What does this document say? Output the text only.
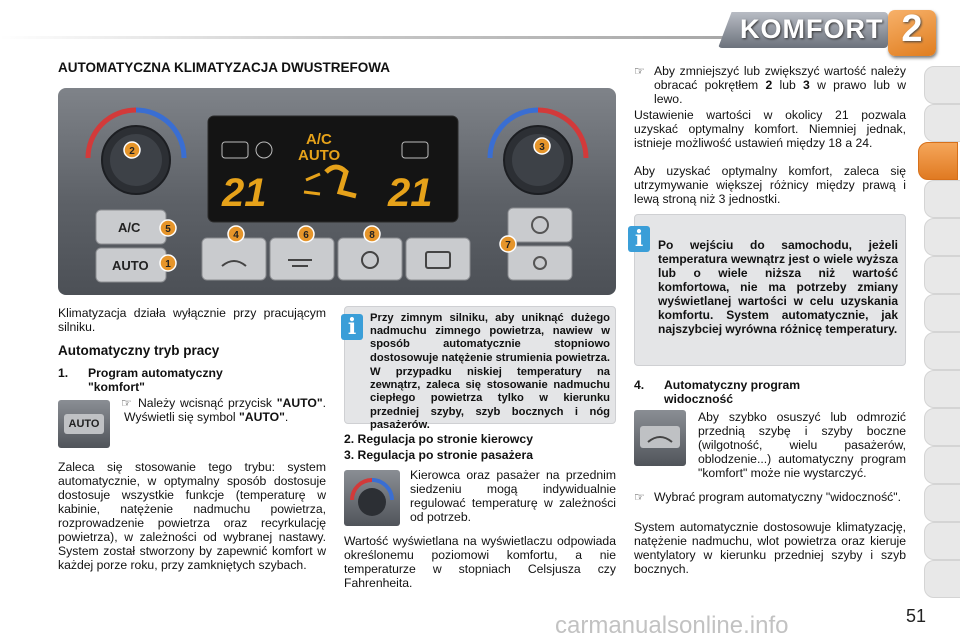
KOMFORT 2
AUTOMATYCZNA KLIMATYZACJA DWUSTREFOWA
A/C
AUTO
21	21
A/C
AUTO
2	3
5
1
4	6	8
7
Klimatyzacja działa wyłącznie przy pracującym silniku.
Automatyczny tryb pracy
1. Program automatyczny
"komfort"
AUTO
☞ Należy wcisnąć przycisk "AUTO". Wyświetli się symbol "AUTO".
Zaleca się stosowanie tego trybu: system automatycznie, w optymalny sposób dostosuje dostosuje wszystkie funkcje (temperaturę w kabinie, natężenie nadmuchu powietrza, rozprowadzenie powietrza oraz recyrkulację powietrza), w zależności od wybranej nastawy. System został stworzony by zapewnić komfort w każdej porze roku, przy zamkniętych szybach.
i	Przy zimnym silniku, aby uniknąć dużego nadmuchu zimnego powietrza, nawiew w sposób automatycznie stopniowo dostosowuje natężenie strumienia powietrza.
W przypadku niskiej temperatury na zewnątrz, zaleca się stosowanie nadmuchu ciepłego powietrza tylko w kierunku przedniej szyby, szyb bocznych i nóg pasażerów.
2. Regulacja po stronie kierowcy
3. Regulacja po stronie pasażera
Kierowca oraz pasażer na przednim siedzeniu mogą indywidualnie regulować temperaturę w zależności od potrzeb.
Wartość wyświetlana na wyświetlaczu odpowiada określonemu poziomowi komfortu, a nie temperaturze w stopniach Celsjusza czy Fahrenheita.
☞ Aby zmniejszyć lub zwiększyć wartość należy obracać pokrętłem 2 lub 3 w prawo lub w lewo.
Ustawienie wartości w okolicy 21 pozwala uzyskać optymalny komfort. Niemniej jednak, istnieje możliwość ustawień między 18 a 24.
Aby uzyskać optymalny komfort, zaleca się utrzymywanie większej różnicy między prawą i lewą stroną niż 3 jednostki.
i	Po wejściu do samochodu, jeżeli temperatura wewnątrz jest o wiele wyższa lub o wiele niższa niż wartość komfortowa, nie ma potrzeby zmiany wyświetlanej wartości w celu uzyskania komfortu. System automatycznie, jak najszybciej wyrówna różnicę temperatury.
4. Automatyczny program
widoczność
Aby szybko osuszyć lub odmrozić przednią szybę i szyby boczne (wilgotność, wielu pasażerów, oblodzenie...) automatyczny program "komfort" może nie wystarczyć.
☞ Wybrać program automatyczny "widoczność".
System automatycznie dostosowuje klimatyzację, natężenie nadmuchu, wlot powietrza oraz kieruje wentylatory w kierunku przedniej szyby i szyb bocznych.
carmanualsonline.info	51
